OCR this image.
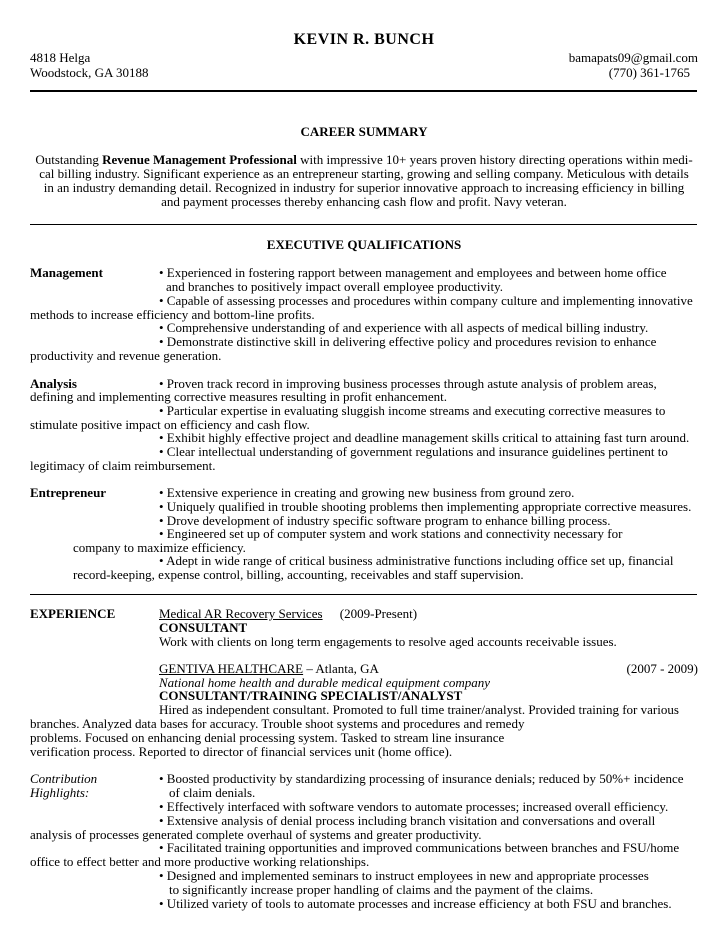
KEVIN R. BUNCH
4818 Helga
Woodstock, GA 30188
bamapats09@gmail.com
(770) 361-1765
CAREER SUMMARY
Outstanding Revenue Management Professional with impressive 10+ years proven history directing operations within medi-
cal billing industry. Significant experience as an entrepreneur starting, growing and selling company. Meticulous with details
in an industry demanding detail. Recognized in industry for superior innovative approach to increasing efficiency in billing
and payment processes thereby enhancing cash flow and profit. Navy veteran.
EXECUTIVE QUALIFICATIONS
Management	• Experienced in fostering rapport between management and employees and between home office
and branches to positively impact overall employee productivity.
• Capable of assessing processes and procedures within company culture and implementing innovative
methods to increase efficiency and bottom-line profits.
• Comprehensive understanding of and experience with all aspects of medical billing industry.
• Demonstrate distinctive skill in delivering effective policy and procedures revision to enhance
productivity and revenue generation.
Analysis	• Proven track record in improving business processes through astute analysis of problem areas,
defining and implementing corrective measures resulting in profit enhancement.
• Particular expertise in evaluating sluggish income streams and executing corrective measures to
stimulate positive impact on efficiency and cash flow.
• Exhibit highly effective project and deadline management skills critical to attaining fast turn around.
• Clear intellectual understanding of government regulations and insurance guidelines pertinent to
legitimacy of claim reimbursement.
Entrepreneur	• Extensive experience in creating and growing new business from ground zero.
• Uniquely qualified in trouble shooting problems then implementing appropriate corrective measures.
• Drove development of industry specific software program to enhance billing process.
• Engineered set up of computer system and work stations and connectivity necessary for
company to maximize efficiency.
• Adept in wide range of critical business administrative functions including office set up, financial
record-keeping, expense control, billing, accounting, receivables and staff supervision.
EXPERIENCE	Medical AR Recovery Services (2009-Present)
CONSULTANT
Work with clients on long term engagements to resolve aged accounts receivable issues.
GENTIVA HEALTHCARE – Atlanta, GA	(2007 - 2009)
National home health and durable medical equipment company
CONSULTANT/TRAINING SPECIALIST/ANALYST
Hired as independent consultant. Promoted to full time trainer/analyst. Provided training for various
branches. Analyzed data bases for accuracy. Trouble shoot systems and procedures and remedy
problems. Focused on enhancing denial processing system. Tasked to stream line insurance
verification process. Reported to director of financial services unit (home office).
Contribution
Highlights:
• Boosted productivity by standardizing processing of insurance denials; reduced by 50%+ incidence
of claim denials.
• Effectively interfaced with software vendors to automate processes; increased overall efficiency.
• Extensive analysis of denial process including branch visitation and conversations and overall
analysis of processes generated complete overhaul of systems and greater productivity.
• Facilitated training opportunities and improved communications between branches and FSU/home
office to effect better and more productive working relationships.
• Designed and implemented seminars to instruct employees in new and appropriate processes
to significantly increase proper handling of claims and the payment of the claims.
• Utilized variety of tools to automate processes and increase efficiency at both FSU and branches.
